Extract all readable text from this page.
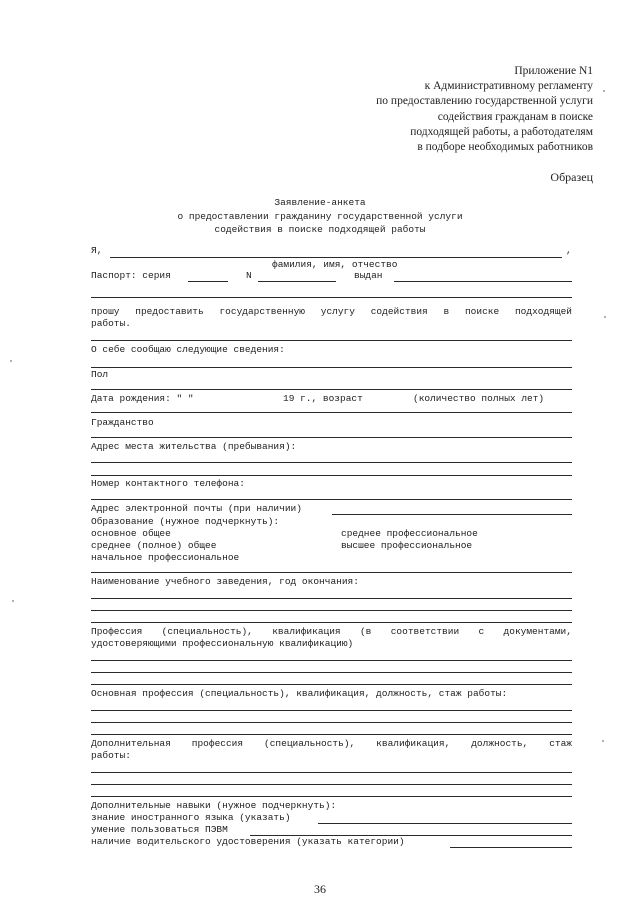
Приложение N1
к Административному регламенту
по предоставлению государственной услуги
содействия гражданам в поиске
подходящей работы, а работодателям
в подборе необходимых работников
Образец
Заявление-анкета
о предоставлении гражданину государственной услуги
содействия в поиске подходящей работы
Я,	,
фамилия, имя, отчество
Паспорт: серия	N	выдан
прошу предоставить государственную услугу содействия в поиске подходящей
работы.
О себе сообщаю следующие сведения:
Пол
Дата рождения: " "	19 г., возраст	(количество полных лет)
Гражданство
Адрес места жительства (пребывания):
Номер контактного телефона:
Адрес электронной почты (при наличии)
Образование (нужное подчеркнуть):
основное общее	среднее профессиональное
среднее (полное) общее	высшее профессиональное
начальное профессиональное
Наименование учебного заведения, год окончания:
Профессия (специальность), квалификация (в соответствии с документами,
удостоверяющими профессиональную квалификацию)
Основная профессия (специальность), квалификация, должность, стаж работы:
Дополнительная профессия (специальность), квалификация, должность, стаж
работы:
Дополнительные навыки (нужное подчеркнуть):
знание иностранного языка (указать)
умение пользоваться ПЭВМ
наличие водительского удостоверения (указать категории)
36
